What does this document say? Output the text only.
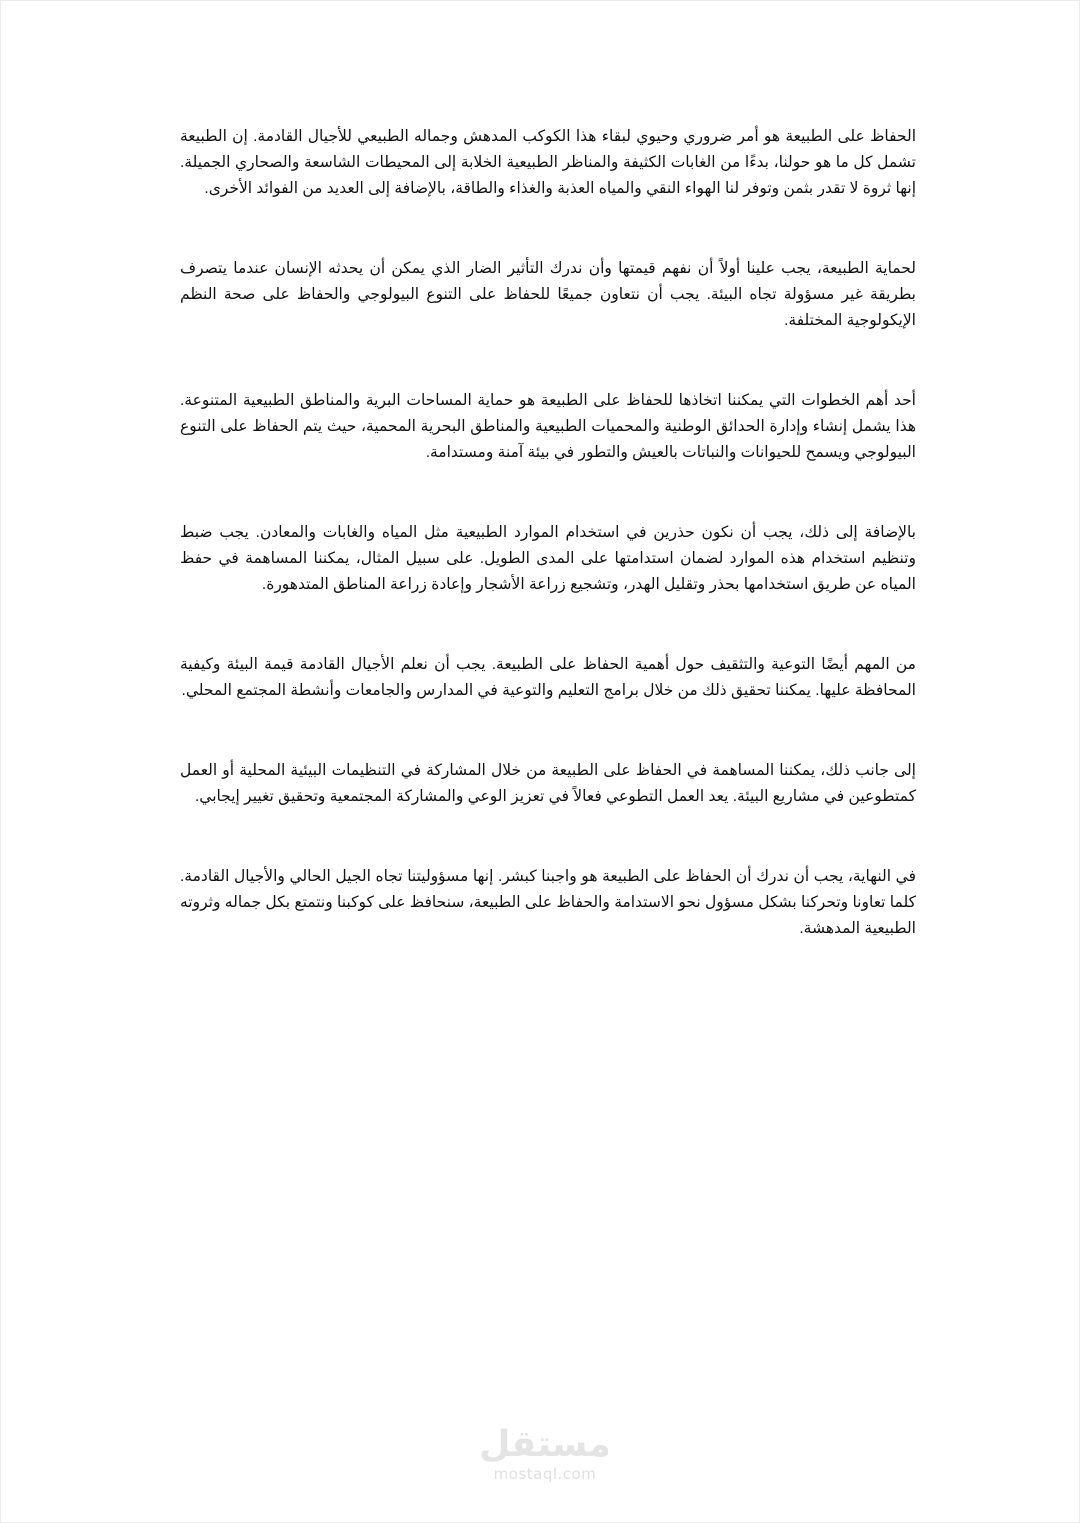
الحفاظ على الطبيعة هو أمر ضروري وحيوي لبقاء هذا الكوكب المدهش وجماله الطبيعي للأجيال القادمة. إن الطبيعة تشمل كل ما هو حولنا، بدءًا من الغابات الكثيفة والمناظر الطبيعية الخلابة إلى المحيطات الشاسعة والصحاري الجميلة. إنها ثروة لا تقدر بثمن وتوفر لنا الهواء النقي والمياه العذبة والغذاء والطاقة، بالإضافة إلى العديد من الفوائد الأخرى.

لحماية الطبيعة، يجب علينا أولاً أن نفهم قيمتها وأن ندرك التأثير الضار الذي يمكن أن يحدثه الإنسان عندما يتصرف بطريقة غير مسؤولة تجاه البيئة. يجب أن نتعاون جميعًا للحفاظ على التنوع البيولوجي والحفاظ على صحة النظم الإيكولوجية المختلفة.

أحد أهم الخطوات التي يمكننا اتخاذها للحفاظ على الطبيعة هو حماية المساحات البرية والمناطق الطبيعية المتنوعة. هذا يشمل إنشاء وإدارة الحدائق الوطنية والمحميات الطبيعية والمناطق البحرية المحمية، حيث يتم الحفاظ على التنوع البيولوجي ويسمح للحيوانات والنباتات بالعيش والتطور في بيئة آمنة ومستدامة.

بالإضافة إلى ذلك، يجب أن نكون حذرين في استخدام الموارد الطبيعية مثل المياه والغابات والمعادن. يجب ضبط وتنظيم استخدام هذه الموارد لضمان استدامتها على المدى الطويل. على سبيل المثال، يمكننا المساهمة في حفظ المياه عن طريق استخدامها بحذر وتقليل الهدر، وتشجيع زراعة الأشجار وإعادة زراعة المناطق المتدهورة.

من المهم أيضًا التوعية والتثقيف حول أهمية الحفاظ على الطبيعة. يجب أن نعلم الأجيال القادمة قيمة البيئة وكيفية المحافظة عليها. يمكننا تحقيق ذلك من خلال برامج التعليم والتوعية في المدارس والجامعات وأنشطة المجتمع المحلي.

إلى جانب ذلك، يمكننا المساهمة في الحفاظ على الطبيعة من خلال المشاركة في التنظيمات البيئية المحلية أو العمل كمتطوعين في مشاريع البيئة. يعد العمل التطوعي فعالاً في تعزيز الوعي والمشاركة المجتمعية وتحقيق تغيير إيجابي.

في النهاية، يجب أن ندرك أن الحفاظ على الطبيعة هو واجبنا كبشر. إنها مسؤوليتنا تجاه الجيل الحالي والأجيال القادمة. كلما تعاونا وتحركنا بشكل مسؤول نحو الاستدامة والحفاظ على الطبيعة، سنحافظ على كوكبنا ونتمتع بكل جماله وثروته الطبيعية المدهشة.

مستقل
mostaql.com
